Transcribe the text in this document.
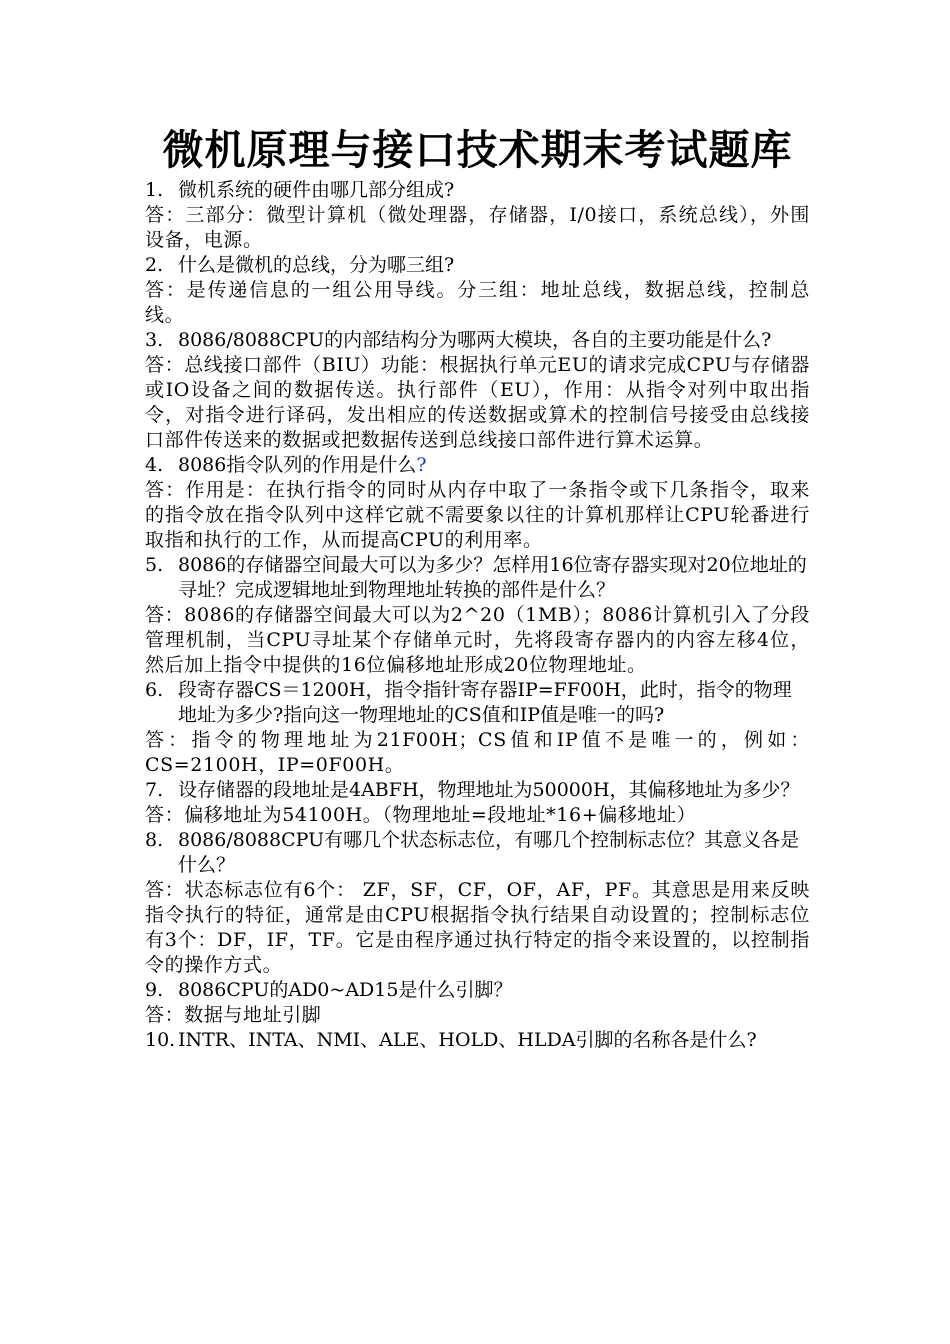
微机原理与接口技术期末考试题库
1. 微机系统的硬件由哪几部分组成?
答：三部分：微型计算机（微处理器，存储器，I/0接口，系统总线），外围设备，电源。
2. 什么是微机的总线，分为哪三组?
答：是传递信息的一组公用导线。分三组：地址总线，数据总线，控制总线。
3. 8086/8088CPU的内部结构分为哪两大模块，各自的主要功能是什么?
答：总线接口部件（BIU）功能：根据执行单元EU的请求完成CPU与存储器或IO设备之间的数据传送。执行部件（EU），作用：从指令对列中取出指令，对指令进行译码，发出相应的传送数据或算术的控制信号接受由总线接口部件传送来的数据或把数据传送到总线接口部件进行算术运算。
4. 8086指令队列的作用是什么?
答：作用是：在执行指令的同时从内存中取了一条指令或下几条指令，取来的指令放在指令队列中这样它就不需要象以往的计算机那样让CPU轮番进行取指和执行的工作，从而提高CPU的利用率。
5. 8086的存储器空间最大可以为多少？怎样用16位寄存器实现对20位地址的寻址？完成逻辑地址到物理地址转换的部件是什么？
答：8086的存储器空间最大可以为2^20（1MB）；8086计算机引入了分段管理机制，当CPU寻址某个存储单元时，先将段寄存器内的内容左移4位，然后加上指令中提供的16位偏移地址形成20位物理地址。
6. 段寄存器CS＝1200H，指令指针寄存器IP=FF00H，此时，指令的物理地址为多少?指向这一物理地址的CS值和IP值是唯一的吗?
答：指令的物理地址为21F00H；CS值和IP值不是唯一的，例如：CS=2100H，IP=0F00H。
7. 设存储器的段地址是4ABFH，物理地址为50000H，其偏移地址为多少？
答：偏移地址为54100H。（物理地址=段地址*16+偏移地址）
8. 8086/8088CPU有哪几个状态标志位，有哪几个控制标志位？其意义各是什么？
答：状态标志位有6个： ZF，SF，CF，OF，AF，PF。其意思是用来反映指令执行的特征，通常是由CPU根据指令执行结果自动设置的；控制标志位有3个：DF，IF，TF。它是由程序通过执行特定的指令来设置的，以控制指令的操作方式。
9. 8086CPU的AD0~AD15是什么引脚？
答：数据与地址引脚
10. INTR、INTA、NMI、ALE、HOLD、HLDA引脚的名称各是什么?
